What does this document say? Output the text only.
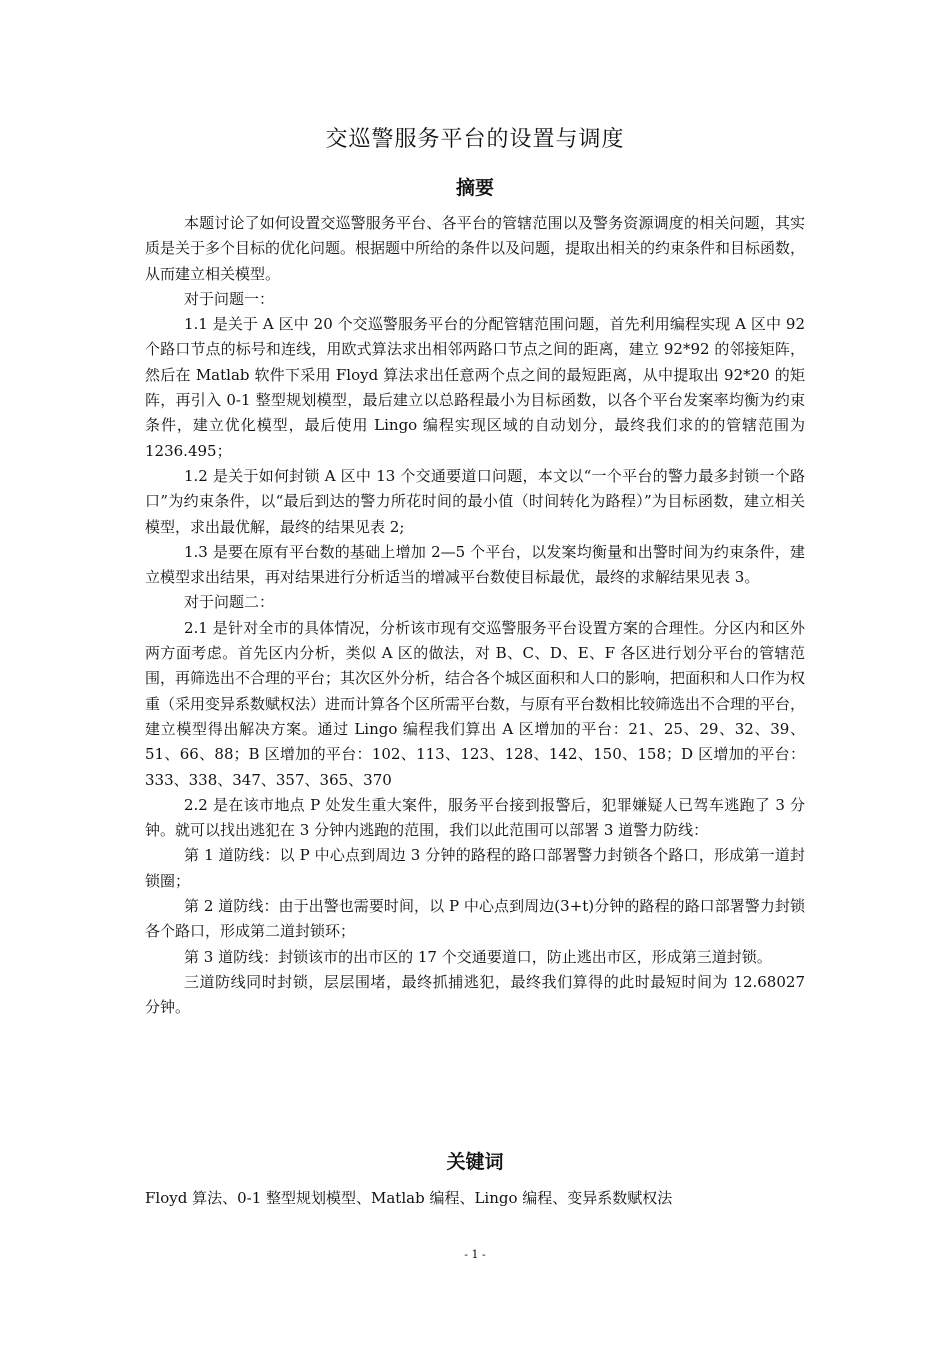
交巡警服务平台的设置与调度
摘要

本题讨论了如何设置交巡警服务平台、各平台的管辖范围以及警务资源调度的相关问题，其实质是关于多个目标的优化问题。根据题中所给的条件以及问题，提取出相关的约束条件和目标函数，从而建立相关模型。

对于问题一：

1.1 是关于 A 区中 20 个交巡警服务平台的分配管辖范围问题，首先利用编程实现 A 区中 92 个路口节点的标号和连线，用欧式算法求出相邻两路口节点之间的距离，建立 92*92 的邻接矩阵，然后在 Matlab 软件下采用 Floyd 算法求出任意两个点之间的最短距离，从中提取出 92*20 的矩阵，再引入 0-1 整型规划模型，最后建立以总路程最小为目标函数，以各个平台发案率均衡为约束条件，建立优化模型，最后使用 Lingo 编程实现区域的自动划分，最终我们求的的管辖范围为 1236.495；

1.2 是关于如何封锁 A 区中 13 个交通要道口问题，本文以“一个平台的警力最多封锁一个路口”为约束条件，以“最后到达的警力所花时间的最小值（时间转化为路程）”为目标函数，建立相关模型，求出最优解，最终的结果见表 2;

1.3 是要在原有平台数的基础上增加 2—5 个平台，以发案均衡量和出警时间为约束条件，建立模型求出结果，再对结果进行分析适当的增减平台数使目标最优，最终的求解结果见表 3。

对于问题二：

2.1 是针对全市的具体情况，分析该市现有交巡警服务平台设置方案的合理性。分区内和区外两方面考虑。首先区内分析，类似 A 区的做法，对 B、C、D、E、F 各区进行划分平台的管辖范围，再筛选出不合理的平台；其次区外分析，结合各个城区面积和人口的影响，把面积和人口作为权重（采用变异系数赋权法）进而计算各个区所需平台数，与原有平台数相比较筛选出不合理的平台，建立模型得出解决方案。通过 Lingo 编程我们算出 A 区增加的平台：21、25、29、32、39、51、66、88；B 区增加的平台：102、113、123、128、142、150、158；D 区增加的平台：333、338、347、357、365、370

2.2 是在该市地点 P 处发生重大案件，服务平台接到报警后，犯罪嫌疑人已驾车逃跑了 3 分钟。就可以找出逃犯在 3 分钟内逃跑的范围，我们以此范围可以部署 3 道警力防线：

第 1 道防线：以 P 中心点到周边 3 分钟的路程的路口部署警力封锁各个路口，形成第一道封锁圈；

第 2 道防线：由于出警也需要时间，以 P 中心点到周边(3+t)分钟的路程的路口部署警力封锁各个路口，形成第二道封锁环；

第 3 道防线：封锁该市的出市区的 17 个交通要道口，防止逃出市区，形成第三道封锁。

三道防线同时封锁，层层围堵，最终抓捕逃犯，最终我们算得的此时最短时间为 12.68027 分钟。

关键词
Floyd 算法、0-1 整型规划模型、Matlab 编程、Lingo 编程、变异系数赋权法
- 1 -
